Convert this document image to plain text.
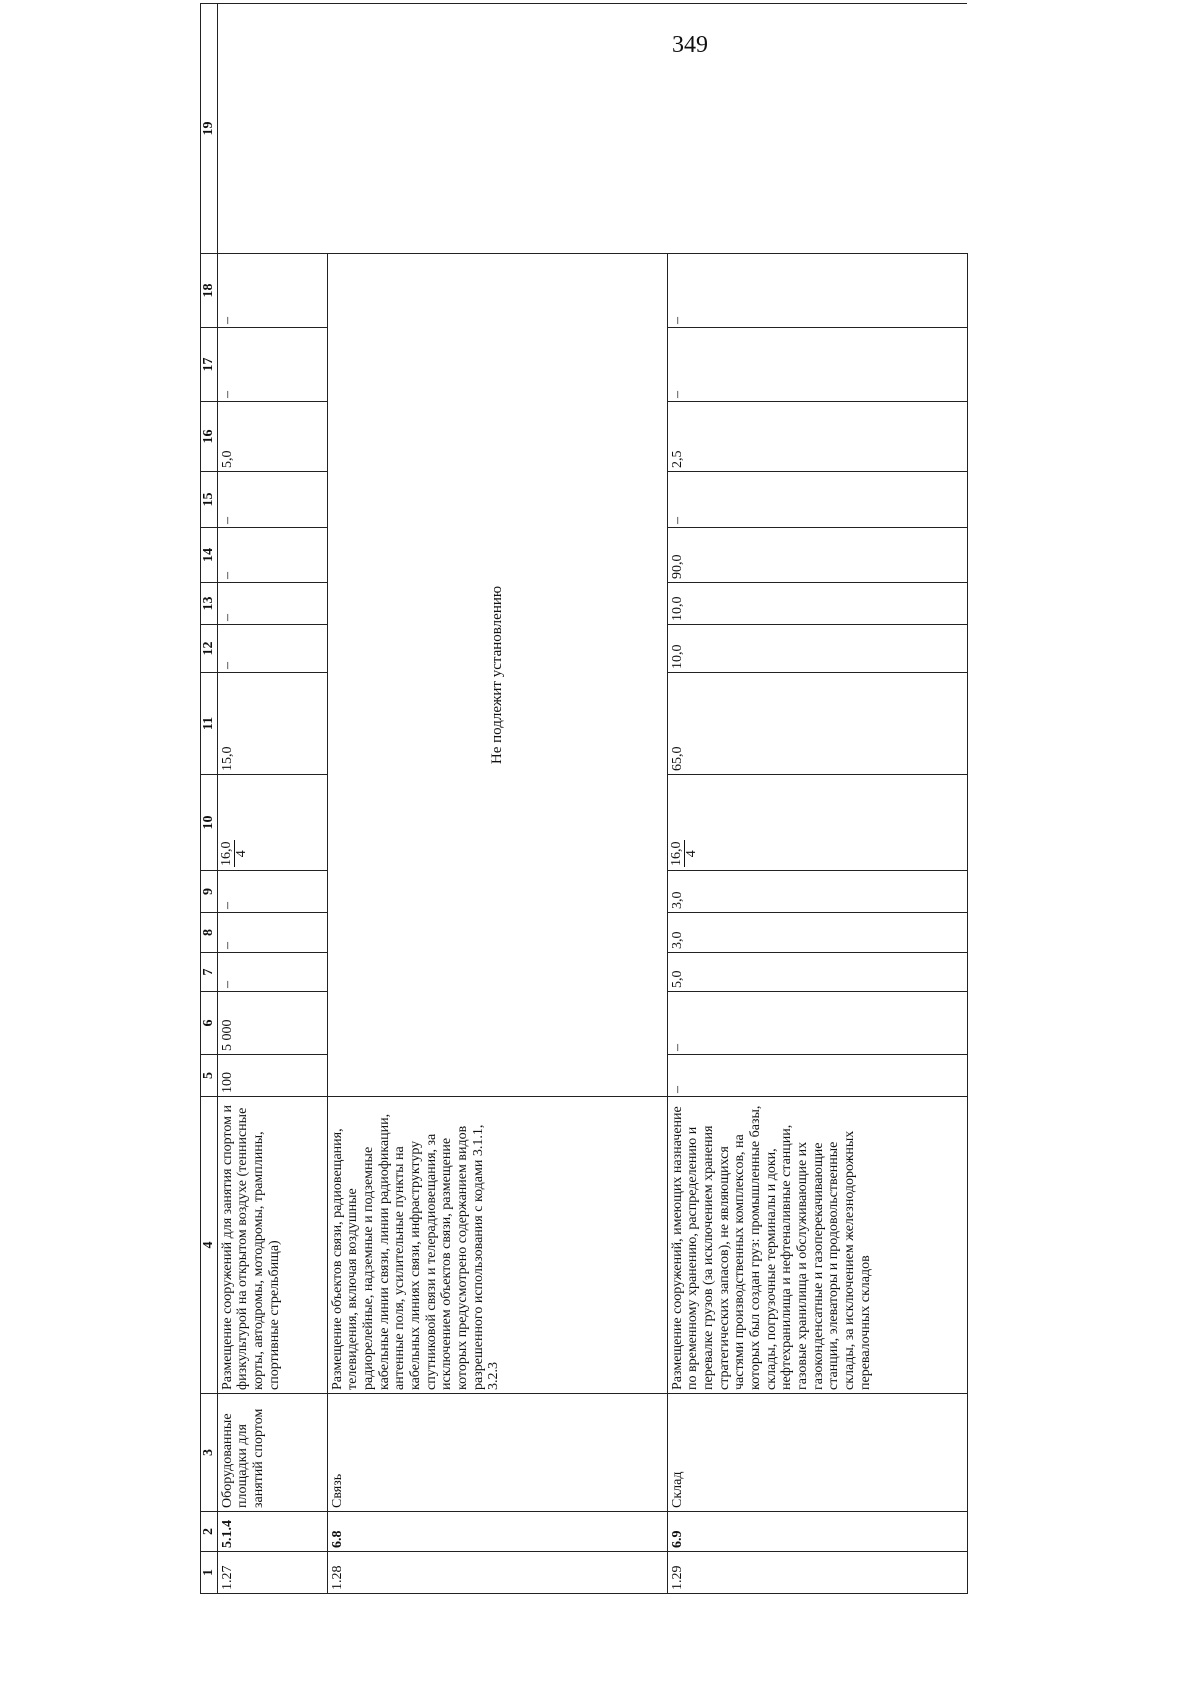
349
1	2	3	4	5	6	7	8	9	10	11	12	13	14	15	16	17	18	19
1.27	5.1.4	Оборудованные площадки для занятий спортом	Размещение сооружений для занятия спортом и физкультурой на открытом воздухе (теннисные корты, автодромы, мотодромы, трамплины, спортивные стрельбища)	100	5 000	–	–	–	16,0 4	15,0	–	–	–	–	5,0	–	–	
1.28	6.8	Связь	Размещение объектов связи, радиовещания, телевидения, включая воздушные радиорелейные, надземные и подземные кабельные линии связи, линии радиофикации, антенные поля, усилительные пункты на кабельных линиях связи, инфраструктуру спутниковой связи и телерадиовещания, за исключением объектов связи, размещение которых предусмотрено содержанием видов разрешенного использования с кодами 3.1.1, 3.2.3	Не подлежит установлению														
1.29	6.9	Склад	Размещение сооружений, имеющих назначение по временному хранению, распределению и перевалке грузов (за исключением хранения стратегических запасов), не являющихся частями производственных комплексов, на которых был создан груз: промышленные базы, склады, погрузочные терминалы и доки, нефтехранилища и нефтеналивные станции, газовые хранилища и обслуживающие их газоконденсатные и газоперекачивающие станции, элеваторы и продовольственные склады, за исключением железнодорожных перевалочных складов	–	–	5,0	3,0	3,0	16,0 4	65,0	10,0	10,0	90,0	–	2,5	–	–	
